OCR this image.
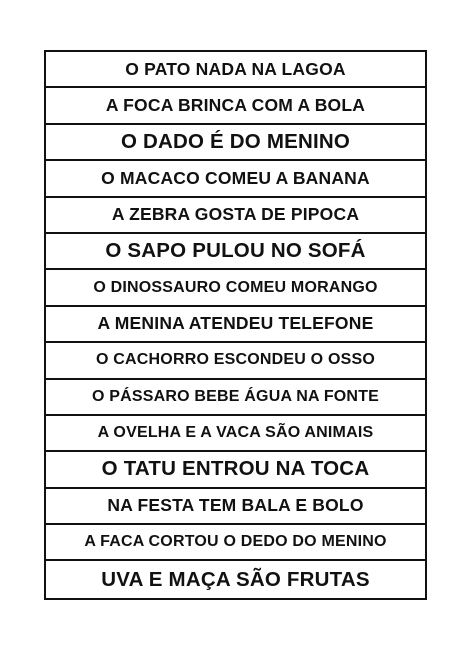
O PATO NADA NA LAGOA
A FOCA BRINCA COM A BOLA
O DADO É DO MENINO
O MACACO COMEU A BANANA
A ZEBRA GOSTA DE PIPOCA
O SAPO PULOU NO SOFÁ
O DINOSSAURO COMEU MORANGO
A MENINA ATENDEU TELEFONE
O CACHORRO ESCONDEU O OSSO
O PÁSSARO BEBE ÁGUA NA FONTE
A OVELHA E A VACA SÃO ANIMAIS
O TATU ENTROU NA TOCA
NA FESTA TEM BALA E BOLO
A FACA CORTOU O DEDO DO MENINO
UVA E MAÇA SÃO FRUTAS
